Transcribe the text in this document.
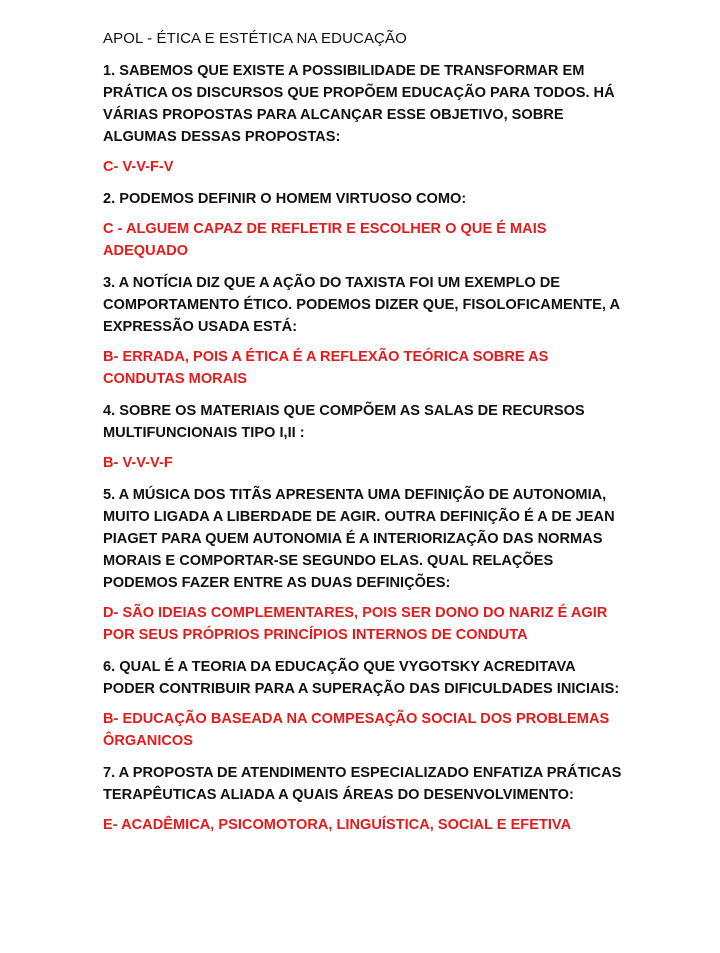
APOL - ÉTICA E ESTÉTICA NA EDUCAÇÃO
1. SABEMOS QUE EXISTE A POSSIBILIDADE DE TRANSFORMAR EM PRÁTICA OS DISCURSOS QUE PROPÕEM EDUCAÇÃO PARA TODOS. HÁ VÁRIAS PROPOSTAS PARA ALCANÇAR ESSE OBJETIVO, SOBRE ALGUMAS DESSAS PROPOSTAS:
C- V-V-F-V
2. PODEMOS DEFINIR O HOMEM VIRTUOSO COMO:
C - ALGUEM CAPAZ DE REFLETIR E ESCOLHER O QUE É MAIS ADEQUADO
3. A NOTÍCIA DIZ QUE A AÇÃO DO TAXISTA FOI UM EXEMPLO DE COMPORTAMENTO ÉTICO. PODEMOS DIZER QUE, FISOLOFICAMENTE, A EXPRESSÃO USADA ESTÁ:
B- ERRADA, POIS A ÉTICA É A REFLEXÃO TEÓRICA SOBRE AS CONDUTAS MORAIS
4. SOBRE OS MATERIAIS QUE COMPÕEM AS SALAS DE RECURSOS MULTIFUNCIONAIS TIPO I,II :
B- V-V-V-F
5. A MÚSICA DOS TITÃS APRESENTA UMA DEFINIÇÃO DE AUTONOMIA, MUITO LIGADA A LIBERDADE DE AGIR. OUTRA DEFINIÇÃO É A DE JEAN PIAGET PARA QUEM AUTONOMIA É A INTERIORIZAÇÃO DAS NORMAS MORAIS E COMPORTAR-SE SEGUNDO ELAS. QUAL RELAÇÕES PODEMOS FAZER ENTRE AS DUAS DEFINIÇÕES:
D- SÃO IDEIAS COMPLEMENTARES, POIS SER DONO DO NARIZ É AGIR POR SEUS PRÓPRIOS PRINCÍPIOS INTERNOS DE CONDUTA
6. QUAL É A TEORIA DA EDUCAÇÃO QUE VYGOTSKY ACREDITAVA PODER CONTRIBUIR PARA A SUPERAÇÃO DAS DIFICULDADES INICIAIS:
B- EDUCAÇÃO BASEADA NA COMPESAÇÃO SOCIAL DOS PROBLEMAS ÔRGANICOS
7. A PROPOSTA DE ATENDIMENTO ESPECIALIZADO ENFATIZA PRÁTICAS TERAPÊUTICAS ALIADA A QUAIS ÁREAS DO DESENVOLVIMENTO:
E- ACADÊMICA, PSICOMOTORA, LINGUÍSTICA, SOCIAL E EFETIVA
